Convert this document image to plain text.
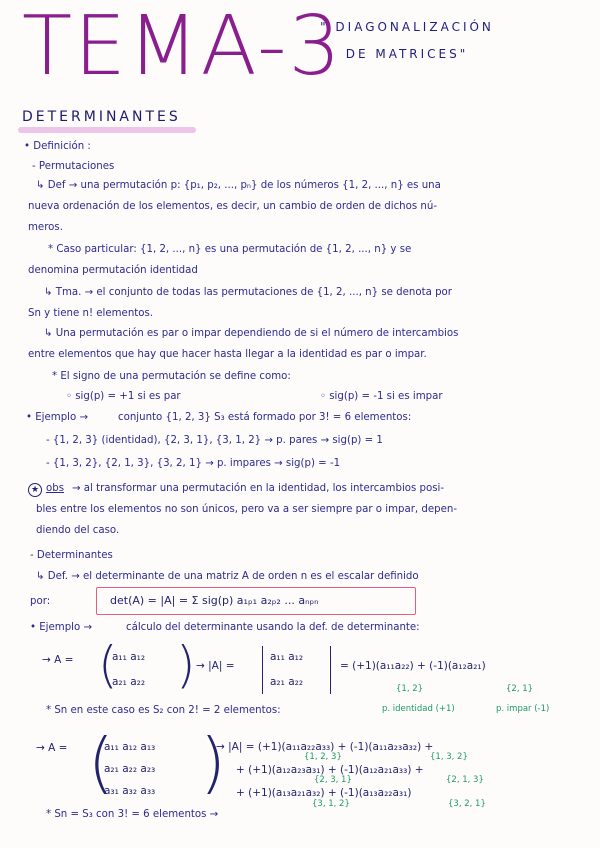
TEMA-3
" DIAGONALIZACIÓN
DE MATRICES"
DETERMINANTES
• Definición :
- Permutaciones
↳ Def → una permutación p: {p₁, p₂, ..., pₙ} de los números {1, 2, ..., n} es una
nueva ordenación de los elementos, es decir, un cambio de orden de dichos nú-
meros.
* Caso particular: {1, 2, ..., n} es una permutación de {1, 2, ..., n} y se
denomina permutación identidad
↳ Tma. → el conjunto de todas las permutaciones de {1, 2, ..., n} se denota por
Sn y tiene n! elementos.
↳ Una permutación es par o impar dependiendo de si el número de intercambios
entre elementos que hay que hacer hasta llegar a la identidad es par o impar.
* El signo de una permutación se define como:
◦ sig(p) = +1 si es par	◦ sig(p) = -1 si es impar
• Ejemplo →	conjunto {1, 2, 3} S₃ está formado por 3! = 6 elementos:
- {1, 2, 3} (identidad), {2, 3, 1}, {3, 1, 2} → p. pares → sig(p) = 1
- {1, 3, 2}, {2, 1, 3}, {3, 2, 1} → p. impares → sig(p) = -1
★ obs → al transformar una permutación en la identidad, los intercambios posi-
bles entre los elementos no son únicos, pero va a ser siempre par o impar, depen-
diendo del caso.
- Determinantes
↳ Def. → el determinante de una matriz A de orden n es el escalar definido
por:	det(A) = |A| = Σ sig(p) a₁ₚ₁ a₂ₚ₂ ... aₙₚₙ
• Ejemplo →	cálculo del determinante usando la def. de determinante:
→ A = (
a₁₁ a₁₂
a₂₁ a₂₂ ) → |A| =
a₁₁ a₁₂
a₂₁ a₂₂
= (+1)(a₁₁a₂₂) + (-1)(a₁₂a₂₁)
{1, 2}	{2, 1}
* Sn en este caso es S₂ con 2! = 2 elementos:	p. identidad (+1)	p. impar (-1)
→ A = (
a₁₁ a₁₂ a₁₃
a₂₁ a₂₂ a₂₃
a₃₁ a₃₂ a₃₃ )
→ |A| = (+1)(a₁₁a₂₂a₃₃) + (-1)(a₁₁a₂₃a₃₂) +
{1, 2, 3}	{1, 3, 2}
+ (+1)(a₁₂a₂₃a₃₁) + (-1)(a₁₂a₂₁a₃₃) +
{2, 3, 1}	{2, 1, 3}
+ (+1)(a₁₃a₂₁a₃₂) + (-1)(a₁₃a₂₂a₃₁)
{3, 1, 2}	{3, 2, 1}
* Sn = S₃ con 3! = 6 elementos →
